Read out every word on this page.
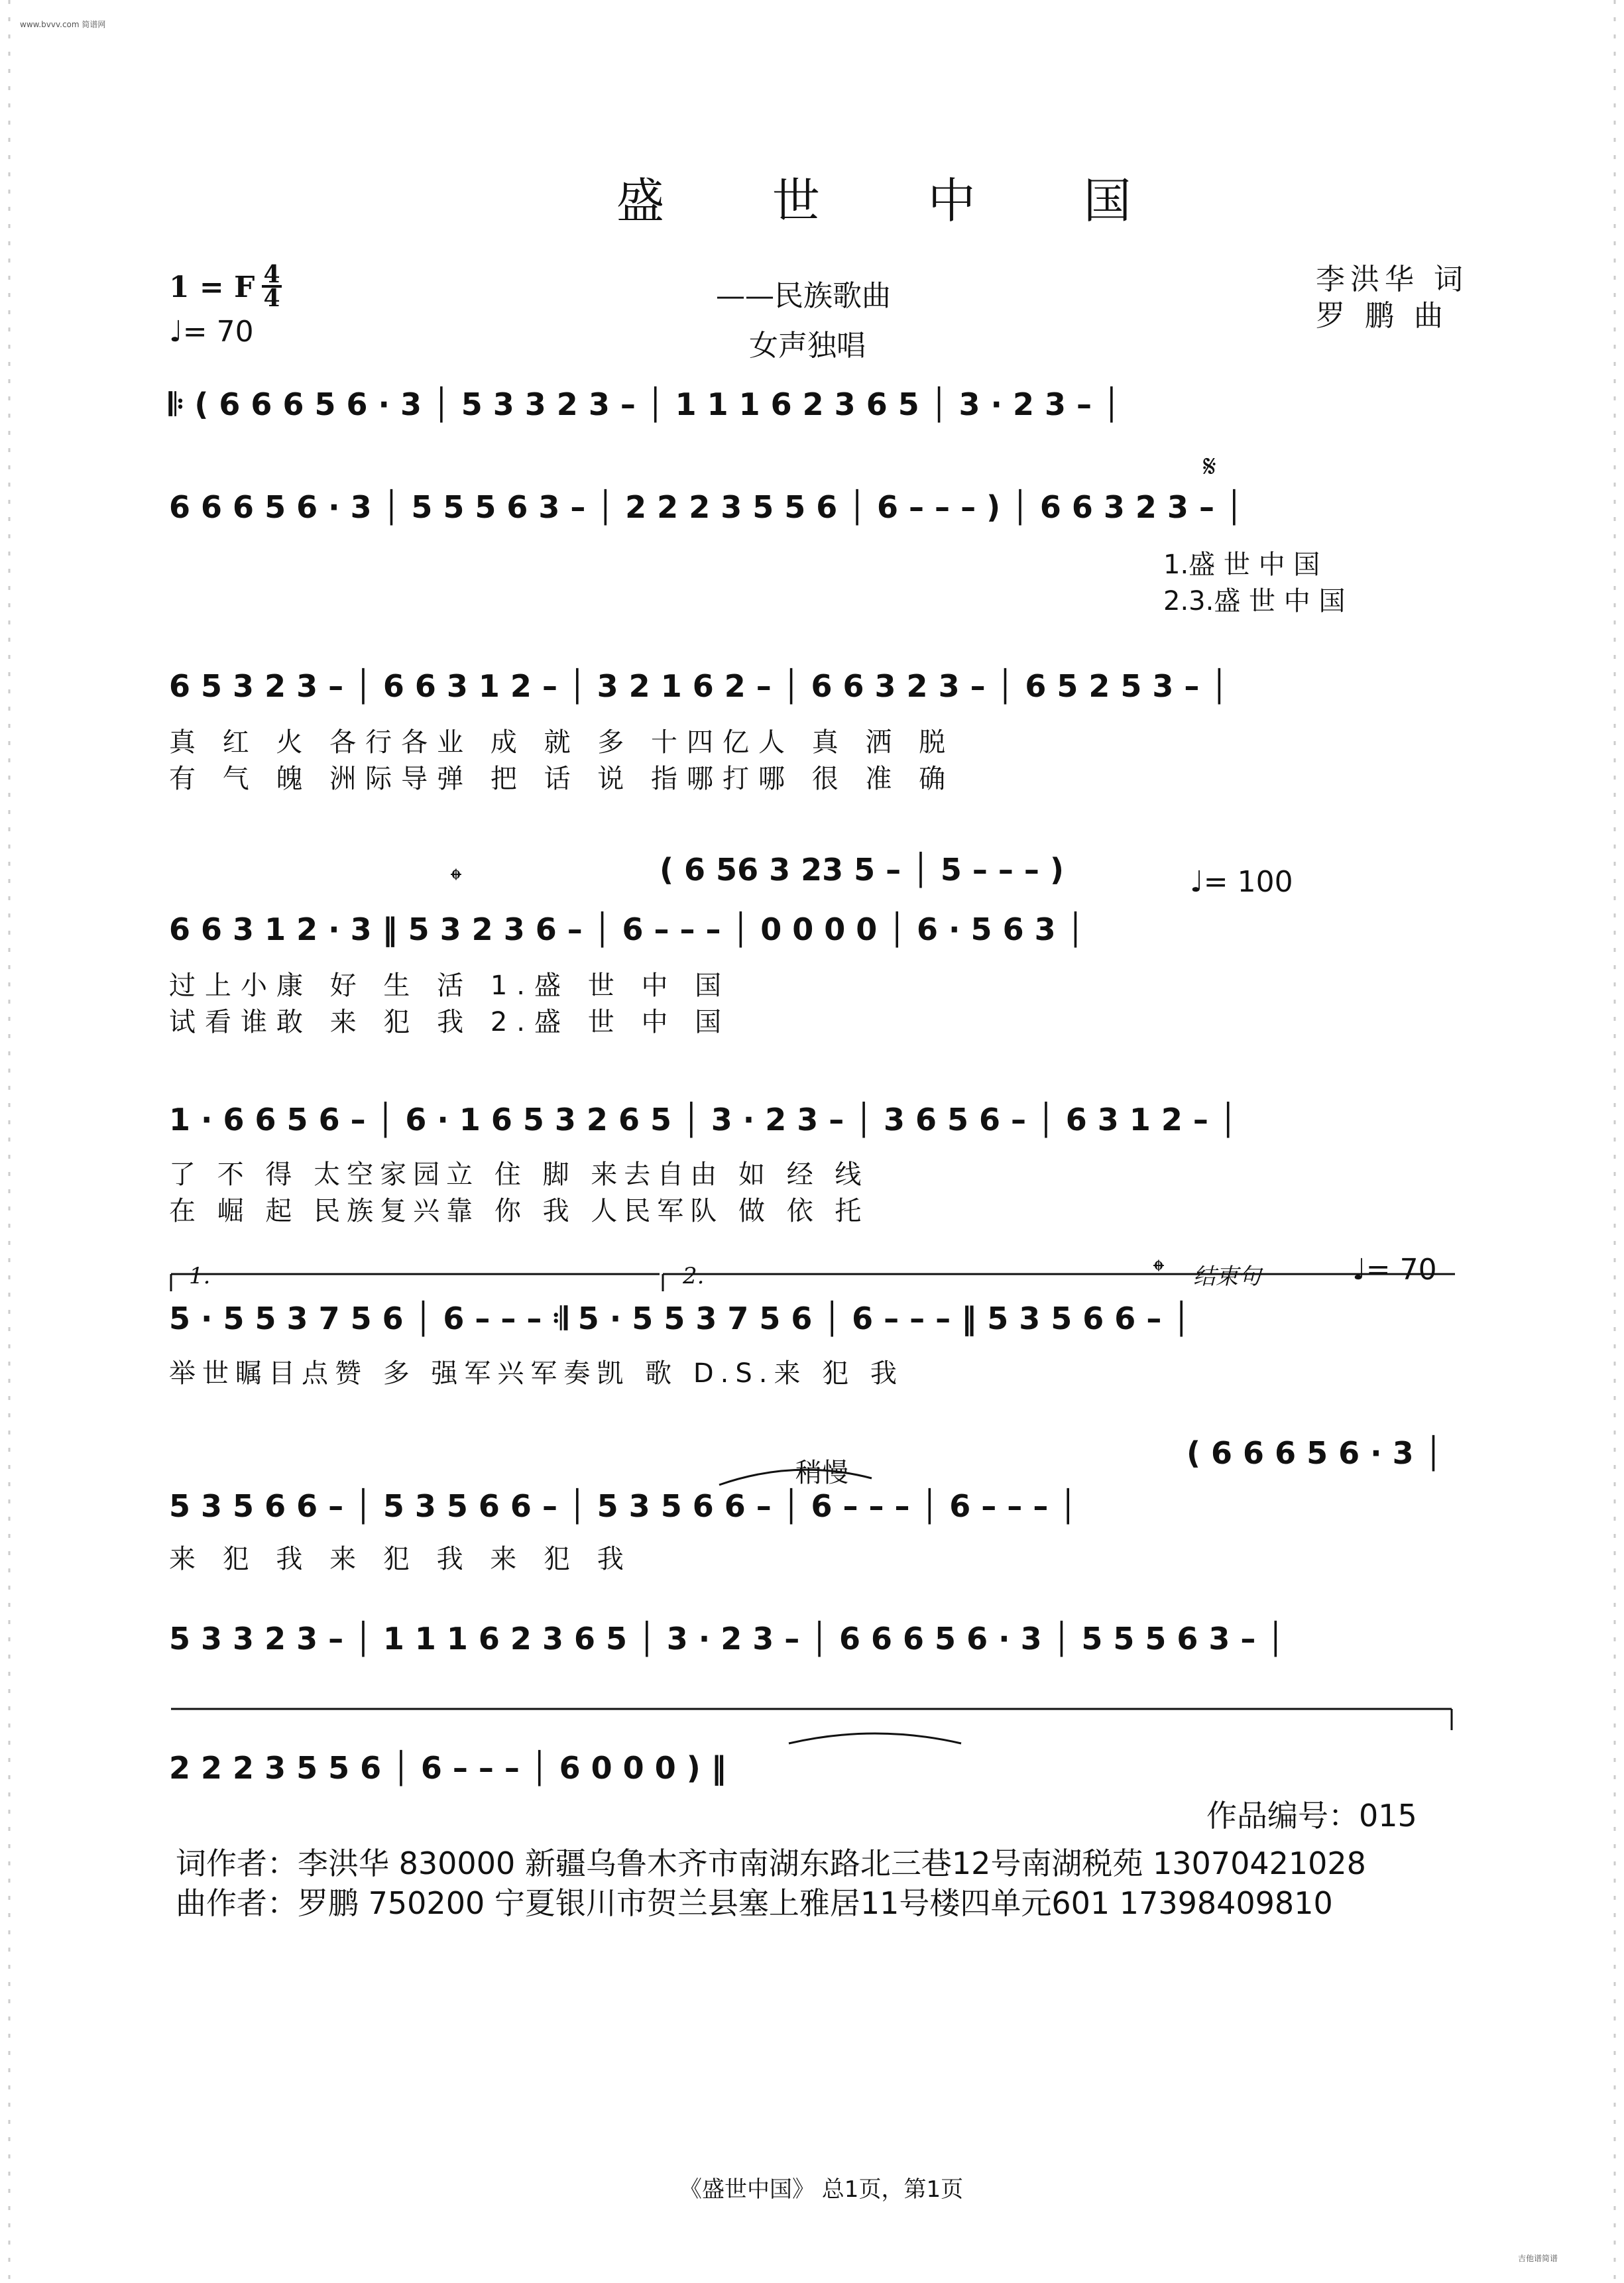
www.bvvv.com 简谱网
吉他谱简谱
盛 世 中 国
1 = F 4
4
♩= 70
——民族歌曲
女声独唱
李洪华 词
罗 鹏 曲
𝄋
𝄌	♩= 100
𝄌 结束句	♩= 70
1.	2.
稍慢
𝄆 ( 6 6 6 5 6 · 3 │ 5 3 3 2 3 – │ 1 1 1 6 2 3 6 5 │ 3 · 2 3 – │
6 6 6 5 6 · 3 │ 5 5 5 6 3 – │ 2 2 2 3 5 5 6 │ 6 – – – ) │ 6 6 3 2 3 – │
1.盛 世 中 国
2.3.盛 世 中 国
6 5 3 2 3 – │ 6 6 3 1 2 – │ 3 2 1 6 2 – │ 6 6 3 2 3 – │ 6 5 2 5 3 – │
真 红 火 各行各业 成 就 多 十四亿人 真 洒 脱
有 气 魄 洲际导弹 把 话 说 指哪打哪 很 准 确
( 6 56 3 23 5 – │ 5 – – – )
6 6 3 1 2 · 3 ‖ 5 3 2 3 6 – │ 6 – – – │ 0 0 0 0 │ 6 · 5 6 3 │
过上小康 好 生 活 1.盛 世 中 国
试看谁敢 来 犯 我 2.盛 世 中 国
1 · 6 6 5 6 – │ 6 · 1 6 5 3 2 6 5 │ 3 · 2 3 – │ 3 6 5 6 – │ 6 3 1 2 – │
了 不 得 太空家园立 住 脚 来去自由 如 经 线
在 崛 起 民族复兴靠 你 我 人民军队 做 依 托
5 · 5 5 3 7 5 6 │ 6 – – – 𝄇 5 · 5 5 3 7 5 6 │ 6 – – – ‖ 5 3 5 6 6 – │
举世瞩目点赞 多 强军兴军奏凯 歌 D.S.来 犯 我
( 6 6 6 5 6 · 3 │
5 3 5 6 6 – │ 5 3 5 6 6 – │ 5 3 5 6 6 – │ 6 – – – │ 6 – – – │
来 犯 我 来 犯 我 来 犯 我
5 3 3 2 3 – │ 1 1 1 6 2 3 6 5 │ 3 · 2 3 – │ 6 6 6 5 6 · 3 │ 5 5 5 6 3 – │
2 2 2 3 5 5 6 │ 6 – – – │ 6 0 0 0 ) ‖
作品编号：015
词作者：李洪华 830000 新疆乌鲁木齐市南湖东路北三巷12号南湖税苑 13070421028
曲作者：罗鹏 750200 宁夏银川市贺兰县塞上雅居11号楼四单元601 17398409810
《盛世中国》 总1页，第1页
